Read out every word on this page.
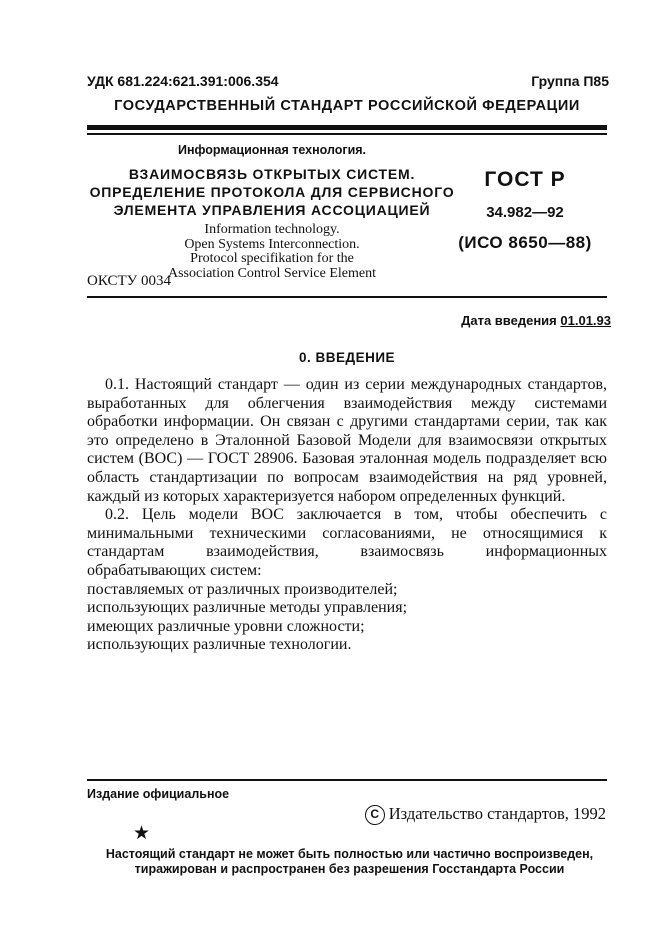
УДК 681.224:621.391:006.354	Группа П85
ГОСУДАРСТВЕННЫЙ СТАНДАРТ РОССИЙСКОЙ ФЕДЕРАЦИИ
Информационная технология.
ВЗАИМОСВЯЗЬ ОТКРЫТЫХ СИСТЕМ.
ОПРЕДЕЛЕНИЕ ПРОТОКОЛА ДЛЯ СЕРВИСНОГО
ЭЛЕМЕНТА УПРАВЛЕНИЯ АССОЦИАЦИЕЙ
Information technology.
Open Systems Interconnection.
Protocol specifikation for the
Association Control Service Element
ГОСТ Р
34.982—92
(ИСО 8650—88)
ОКСТУ 0034
Дата введения 01.01.93
0. ВВЕДЕНИЕ

0.1. Настоящий стандарт — один из серии международных стандартов, выработанных для облегчения взаимодействия между системами обработки информации. Он связан с другими стандартами серии, так как это определено в Эталонной Базовой Модели для взаимосвязи открытых систем (ВОС) — ГОСТ 28906. Базовая эталонная модель подразделяет всю область стандартизации по вопросам взаимодействия на ряд уровней, каждый из которых характеризуется набором определенных функций.

0.2. Цель модели ВОС заключается в том, чтобы обеспечить с минимальными техническими согласованиями, не относящимися к стандартам взаимодействия, взаимосвязь информационных обрабатывающих систем:

поставляемых от различных производителей;
использующих различные методы управления;
имеющих различные уровни сложности;
использующих различные технологии.
Издание официальное
С Издательство стандартов, 1992
★
Настоящий стандарт не может быть полностью или частично воспроизведен,
тиражирован и распространен без разрешения Госстандарта России
